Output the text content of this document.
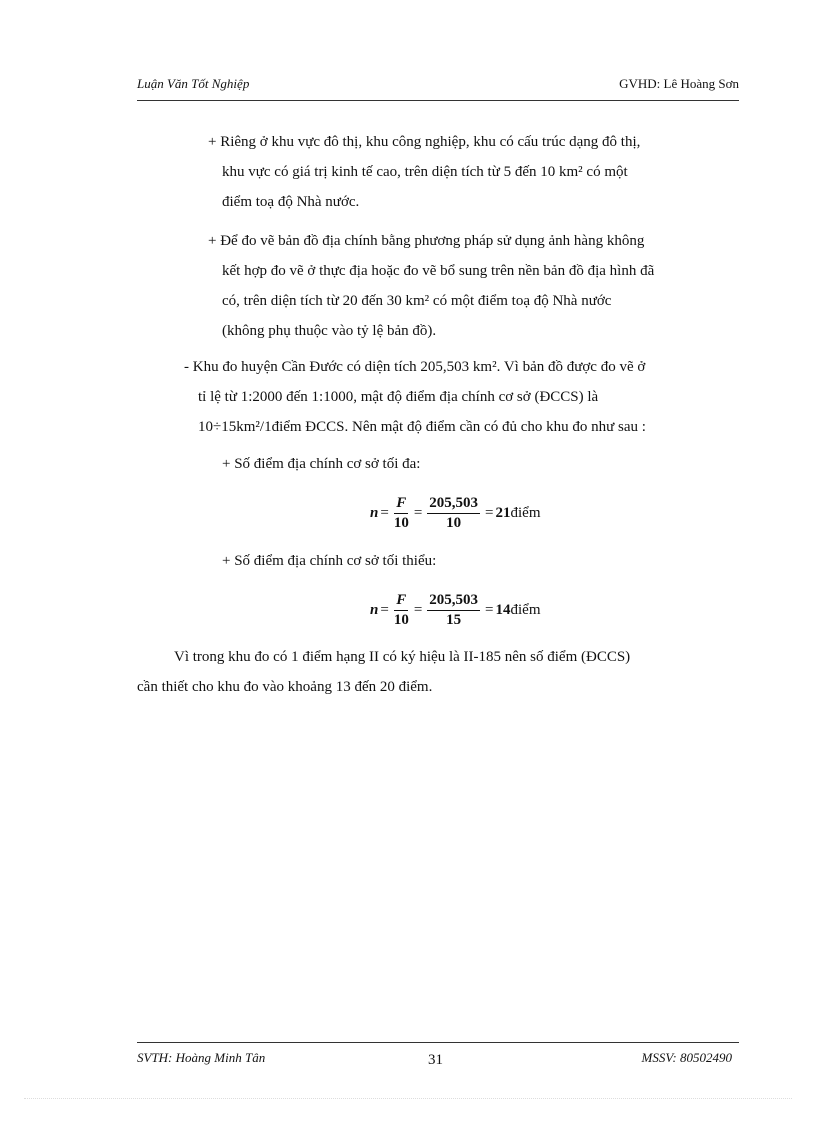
Luận Văn Tốt Nghiệp	GVHD: Lê Hoàng Sơn
+ Riêng ở khu vực đô thị, khu công nghiệp, khu có cấu trúc dạng đô thị,
khu vực có giá trị kinh tế cao, trên diện tích từ 5 đến 10 km² có một
điểm toạ độ Nhà nước.
+ Để đo vẽ bản đồ địa chính bằng phương pháp sử dụng ảnh hàng không
kết hợp đo vẽ ở thực địa hoặc đo vẽ bổ sung trên nền bản đồ địa hình đã
có, trên diện tích từ 20 đến 30 km² có một điểm toạ độ Nhà nước
(không phụ thuộc vào tỷ lệ bản đồ).
- Khu đo huyện Cần Đước có diện tích 205,503 km². Vì bản đồ được đo vẽ ở
tỉ lệ từ 1:2000 đến 1:1000, mật độ điểm địa chính cơ sở (ĐCCS) là
10÷15km²/1điểm ĐCCS. Nên mật độ điểm cần có đủ cho khu đo như sau :
+ Số điểm địa chính cơ sở tối đa:
$n = \frac{F}{10} = \frac{205,503}{10} = 21$ điểm
+ Số điểm địa chính cơ sở tối thiểu:
$n = \frac{F}{10} = \frac{205,503}{15} = 14$ điểm
Vì trong khu đo có 1 điểm hạng II có ký hiệu là II-185 nên số điểm (ĐCCS)
cần thiết cho khu đo vào khoảng 13 đến 20 điểm.
SVTH: Hoàng Minh Tân	31	MSSV: 80502490
